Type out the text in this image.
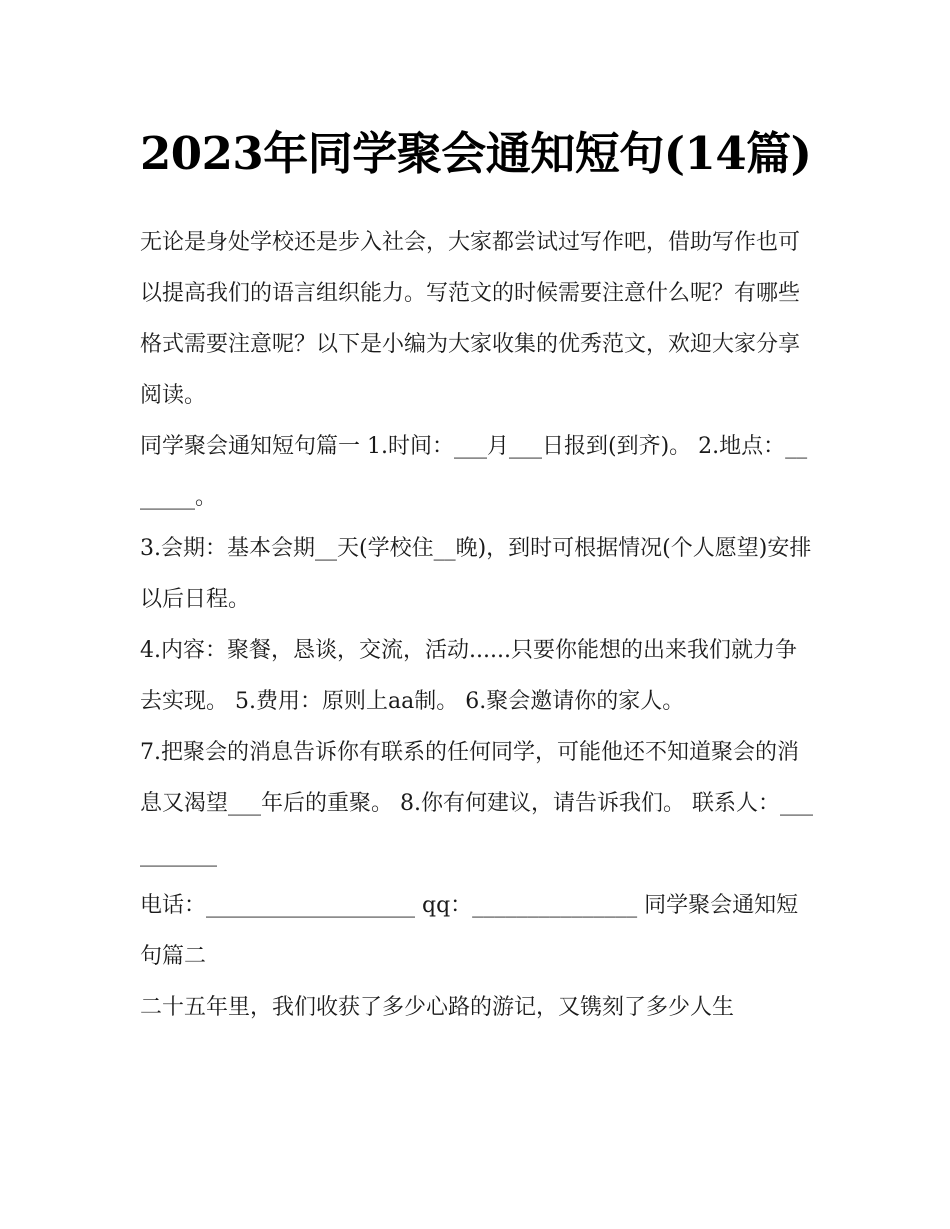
2023年同学聚会通知短句(14篇)

无论是身处学校还是步入社会，大家都尝试过写作吧，借助写作也可以提高我们的语言组织能力。写范文的时候需要注意什么呢？有哪些格式需要注意呢？以下是小编为大家收集的优秀范文，欢迎大家分享阅读。

同学聚会通知短句篇一 1.时间：___月___日报到(到齐)。 2.地点：_______。

3.会期：基本会期__天(学校住__晚)，到时可根据情况(个人愿望)安排以后日程。

4.内容：聚餐，恳谈，交流，活动......只要你能想的出来我们就力争去实现。 5.费用：原则上aa制。 6.聚会邀请你的家人。

7.把聚会的消息告诉你有联系的任何同学，可能他还不知道聚会的消息又渴望___年后的重聚。 8.你有何建议，请告诉我们。 联系人：__________

电话：___________________ qq：_______________ 同学聚会通知短句篇二

二十五年里，我们收获了多少心路的游记，又镌刻了多少人生
